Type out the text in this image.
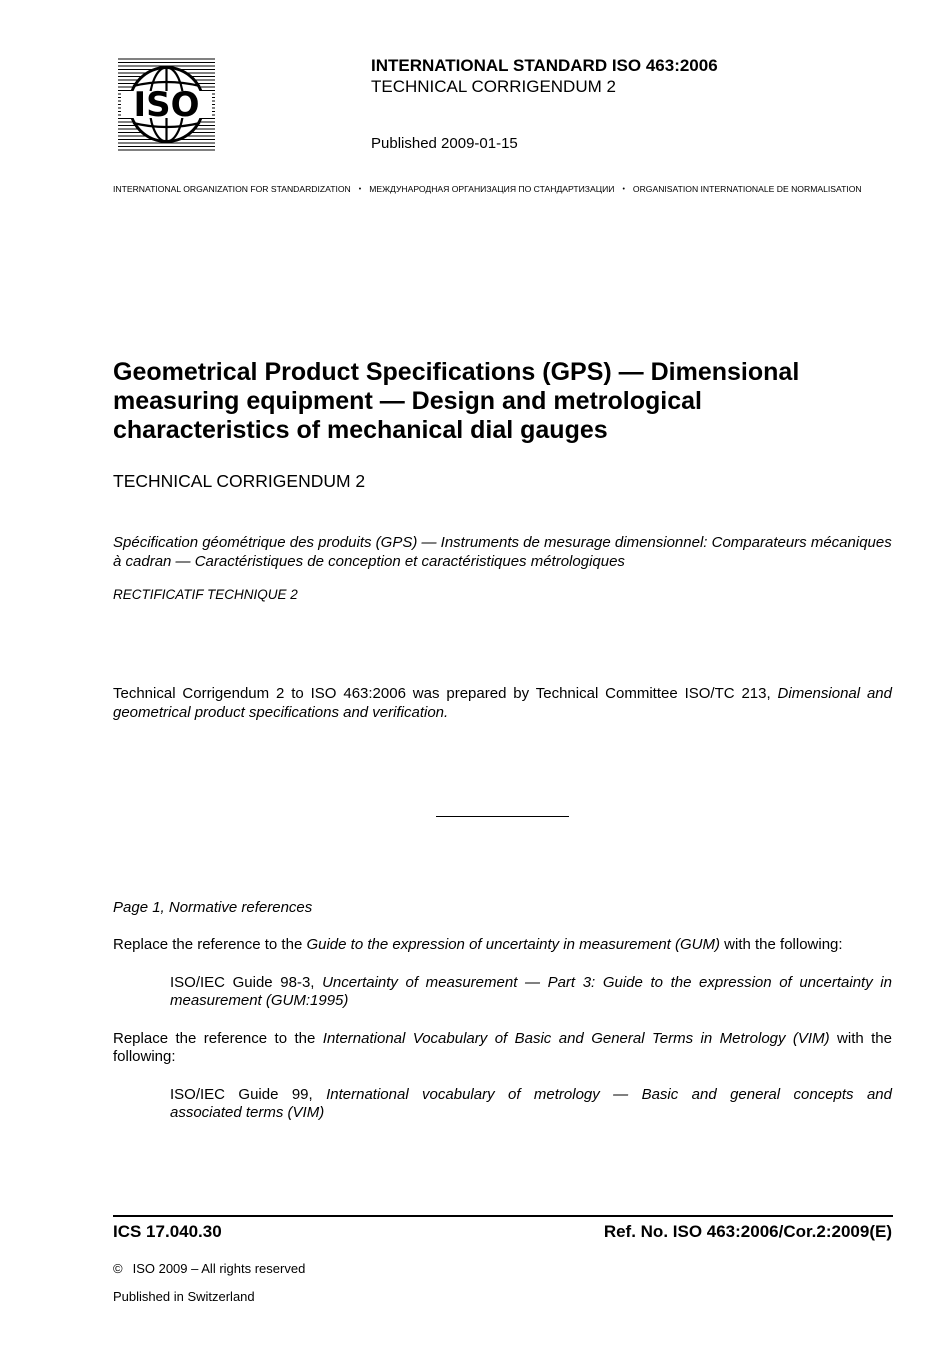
ISO
INTERNATIONAL STANDARD ISO 463:2006
TECHNICAL CORRIGENDUM 2
Published 2009-01-15
INTERNATIONAL ORGANIZATION FOR STANDARDIZATION • МЕЖДУНАРОДНАЯ ОРГАНИЗАЦИЯ ПО СТАНДАРТИЗАЦИИ • ORGANISATION INTERNATIONALE DE NORMALISATION
Geometrical Product Specifications (GPS) — Dimensional
measuring equipment — Design and metrological
characteristics of mechanical dial gauges
TECHNICAL CORRIGENDUM 2
Spécification géométrique des produits (GPS) — Instruments de mesurage dimensionnel: Comparateurs mécaniques à cadran — Caractéristiques de conception et caractéristiques métrologiques
RECTIFICATIF TECHNIQUE 2
Technical Corrigendum 2 to ISO 463:2006 was prepared by Technical Committee ISO/TC 213, Dimensional and geometrical product specifications and verification.
Page 1, Normative references
Replace the reference to the Guide to the expression of uncertainty in measurement (GUM) with the following:
ISO/IEC Guide 98-3, Uncertainty of measurement — Part 3: Guide to the expression of uncertainty in measurement (GUM:1995)
Replace the reference to the International Vocabulary of Basic and General Terms in Metrology (VIM) with the following:
ISO/IEC Guide 99, International vocabulary of metrology — Basic and general concepts and
associated terms (VIM)
ICS 17.040.30	Ref. No. ISO 463:2006/Cor.2:2009(E)
© ISO 2009 – All rights reserved
Published in Switzerland
